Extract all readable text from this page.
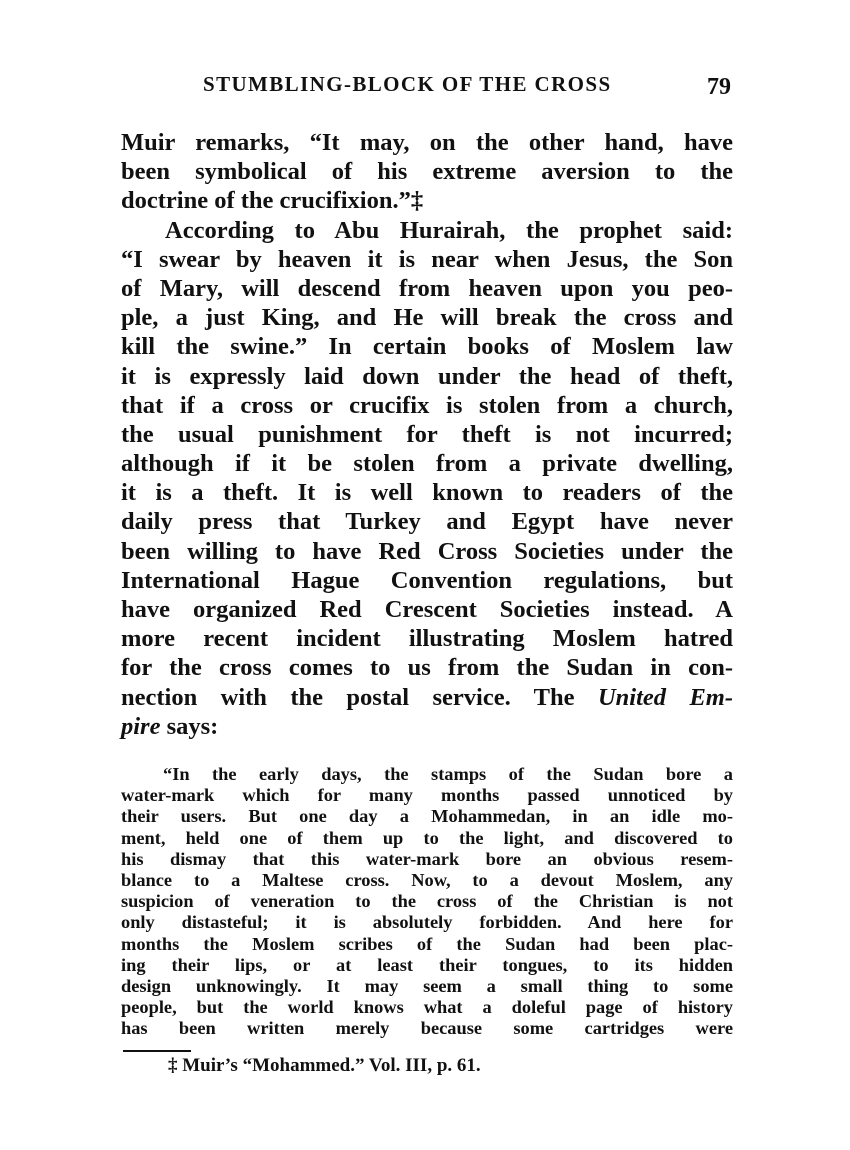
STUMBLING-BLOCK OF THE CROSS	79
Muir remarks, “It may, on the other hand, have
been symbolical of his extreme aversion to the
doctrine of the crucifixion.”‡
According to Abu Hurairah, the prophet said:
“I swear by heaven it is near when Jesus, the Son
of Mary, will descend from heaven upon you peo-
ple, a just King, and He will break the cross and
kill the swine.” In certain books of Moslem law
it is expressly laid down under the head of theft,
that if a cross or crucifix is stolen from a church,
the usual punishment for theft is not incurred;
although if it be stolen from a private dwelling,
it is a theft. It is well known to readers of the
daily press that Turkey and Egypt have never
been willing to have Red Cross Societies under the
International Hague Convention regulations, but
have organized Red Crescent Societies instead. A
more recent incident illustrating Moslem hatred
for the cross comes to us from the Sudan in con-
nection with the postal service. The United Em-
pire says:
“In the early days, the stamps of the Sudan bore a
water-mark which for many months passed unnoticed by
their users. But one day a Mohammedan, in an idle mo-
ment, held one of them up to the light, and discovered to
his dismay that this water-mark bore an obvious resem-
blance to a Maltese cross. Now, to a devout Moslem, any
suspicion of veneration to the cross of the Christian is not
only distasteful; it is absolutely forbidden. And here for
months the Moslem scribes of the Sudan had been plac-
ing their lips, or at least their tongues, to its hidden
design unknowingly. It may seem a small thing to some
people, but the world knows what a doleful page of history
has been written merely because some cartridges were
‡ Muir’s “Mohammed.” Vol. III, p. 61.
